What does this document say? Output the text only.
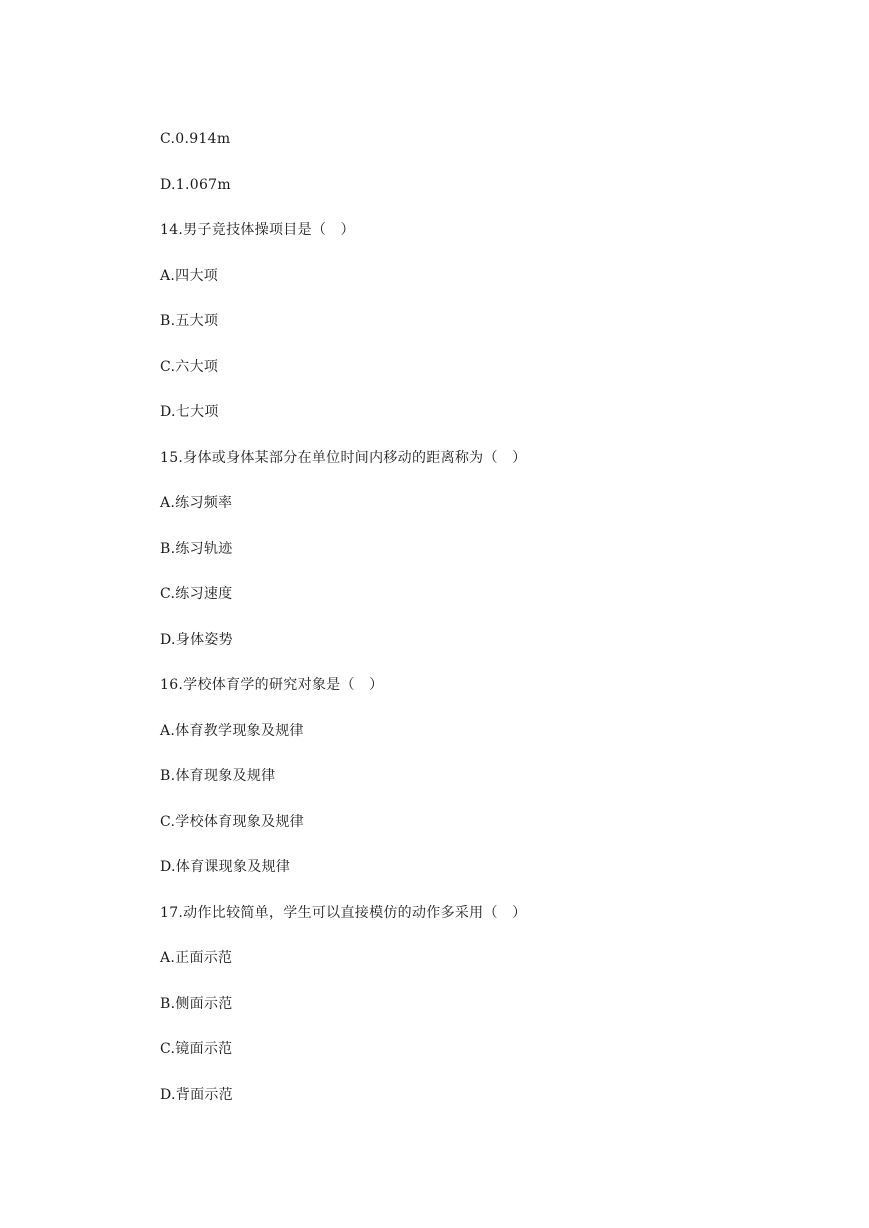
C.0.914m
D.1.067m
14.男子竞技体操项目是（　）
A.四大项
B.五大项
C.六大项
D.七大项
15.身体或身体某部分在单位时间内移动的距离称为（　）
A.练习频率
B.练习轨迹
C.练习速度
D.身体姿势
16.学校体育学的研究对象是（　）
A.体育教学现象及规律
B.体育现象及规律
C.学校体育现象及规律
D.体育课现象及规律
17.动作比较简单，学生可以直接模仿的动作多采用（　）
A.正面示范
B.侧面示范
C.镜面示范
D.背面示范
